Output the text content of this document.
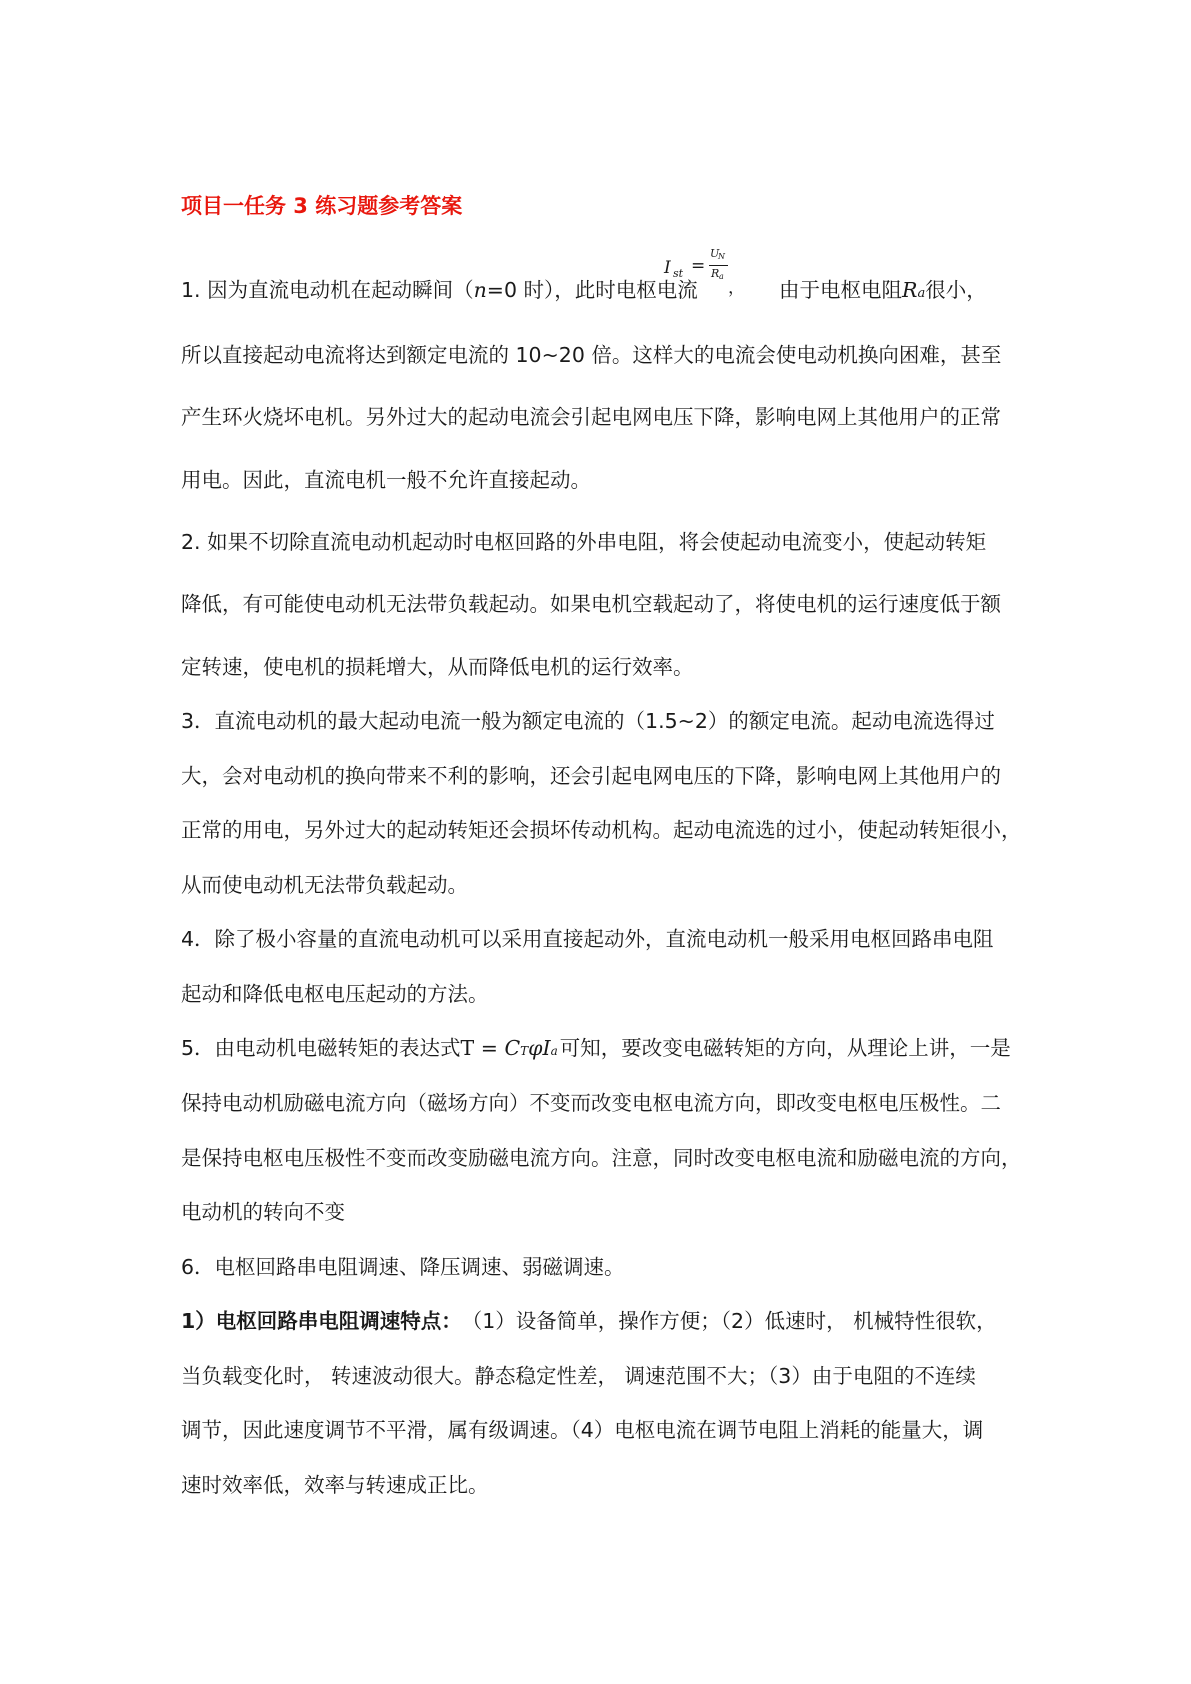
项目一任务 3 练习题参考答案
I st =
U
N
R a
，
1. 因为直流电动机在起动瞬间（ n =0 时），此时电枢电流	由于电枢电阻Ra很小，
所以直接起动电流将达到额定电流的 10~20 倍。这样大的电流会使电动机换向困难，甚至
产生环火烧坏电机。另外过大的起动电流会引起电网电压下降，影响电网上其他用户的正常
用电。因此，直流电机一般不允许直接起动。
2. 如果不切除直流电动机起动时电枢回路的外串电阻，将会使起动电流变小，使起动转矩
降低，有可能使电动机无法带负载起动。如果电机空载起动了，将使电机的运行速度低于额
定转速，使电机的损耗增大，从而降低电机的运行效率。
3．直流电动机的最大起动电流一般为额定电流的（1.5~2）的额定电流。起动电流选得过
大，会对电动机的换向带来不利的影响，还会引起电网电压的下降，影响电网上其他用户的
正常的用电，另外过大的起动转矩还会损坏传动机构。起动电流选的过小，使起动转矩很小，
从而使电动机无法带负载起动。
4．除了极小容量的直流电动机可以采用直接起动外，直流电动机一般采用电枢回路串电阻
起动和降低电枢电压起动的方法。
5．由电动机电磁转矩的表达式 T = CTφIa 可知，要改变电磁转矩的方向，从理论上讲，一是
保持电动机励磁电流方向（磁场方向）不变而改变电枢电流方向，即改变电枢电压极性。二
是保持电枢电压极性不变而改变励磁电流方向。注意，同时改变电枢电流和励磁电流的方向，
电动机的转向不变
6．电枢回路串电阻调速、降压调速、弱磁调速。
1）电枢回路串电阻调速特点： （1）设备简单，操作方便；（2）低速时， 机械特性很软，
当负载变化时， 转速波动很大。静态稳定性差， 调速范围不大；（3）由于电阻的不连续
调节，因此速度调节不平滑，属有级调速。（4）电枢电流在调节电阻上消耗的能量大，调
速时效率低，效率与转速成正比。
